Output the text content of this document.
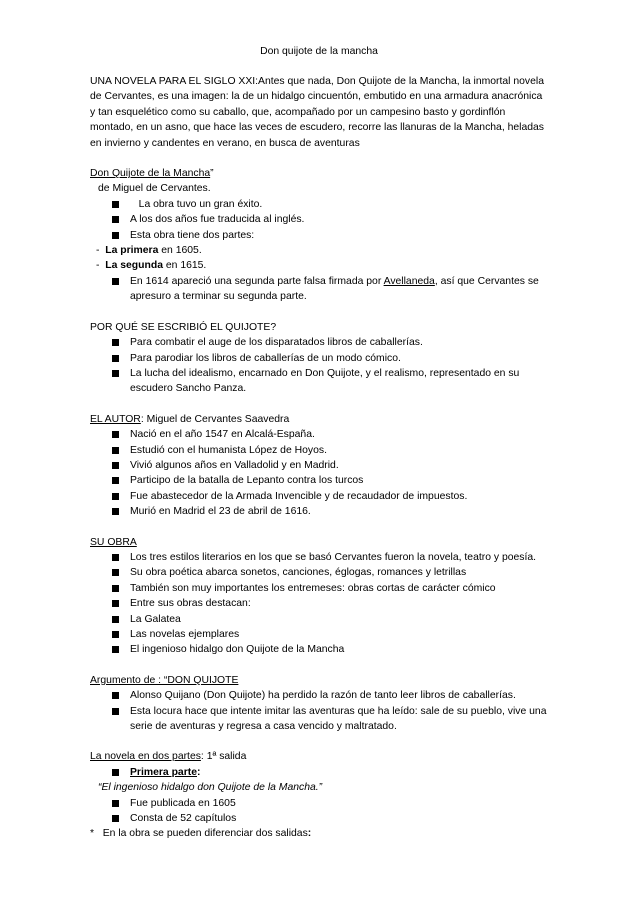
Don quijote de la mancha

UNA NOVELA PARA EL SIGLO XXI:Antes que nada, Don Quijote de la Mancha, la inmortal novela de Cervantes, es una imagen: la de un hidalgo cincuentón, embutido en una armadura anacrónica y tan esquelético como su caballo, que, acompañado por un campesino basto y gordinflón montado, en un asno, que hace las veces de escudero, recorre las llanuras de la Mancha, heladas en invierno y candentes en verano, en busca de aventuras

Don Quijote de la Mancha”

de Miguel de Cervantes.

La obra tuvo un gran éxito.
A los dos años fue traducida al inglés.
Esta obra tiene dos partes:

-  La primera en 1605.

-  La segunda en 1615.

En 1614 apareció una segunda parte falsa firmada por Avellaneda, así que Cervantes se apresuro a terminar su segunda parte.

POR QUÉ SE ESCRIBIÓ EL QUIJOTE?

Para combatir el auge de los disparatados libros de caballerías.
Para parodiar los libros de caballerías de un modo cómico.
La lucha del idealismo, encarnado en Don Quijote, y el realismo, representado en su escudero Sancho Panza.

EL AUTOR: Miguel de Cervantes Saavedra

Nació en el año 1547 en Alcalá-España.
Estudió con el humanista López de Hoyos.
Vivió algunos años en Valladolid y en Madrid.
Participo de la batalla de Lepanto contra los turcos
Fue abastecedor de la Armada Invencible y de recaudador de impuestos.
Murió en Madrid el 23 de abril de 1616.

SU OBRA

Los tres estilos literarios en los que se basó Cervantes fueron la novela, teatro y poesía.
Su obra poética abarca sonetos, canciones, églogas, romances y letrillas
También son muy importantes los entremeses: obras cortas de carácter cómico
Entre sus obras destacan:
La Galatea
Las novelas ejemplares
El ingenioso hidalgo don Quijote de la Mancha

Argumento de : “DON QUIJOTE

Alonso Quijano (Don Quijote) ha perdido la razón de tanto leer libros de caballerías.
Esta locura hace que intente imitar las aventuras que ha leído: sale de su pueblo, vive una serie de aventuras y regresa a casa vencido y maltratado.

La novela en dos partes: 1ª salida

Primera parte:

“El ingenioso hidalgo don Quijote de la Mancha.”

Fue publicada en 1605
Consta de 52 capítulos

* En la obra se pueden diferenciar dos salidas:
